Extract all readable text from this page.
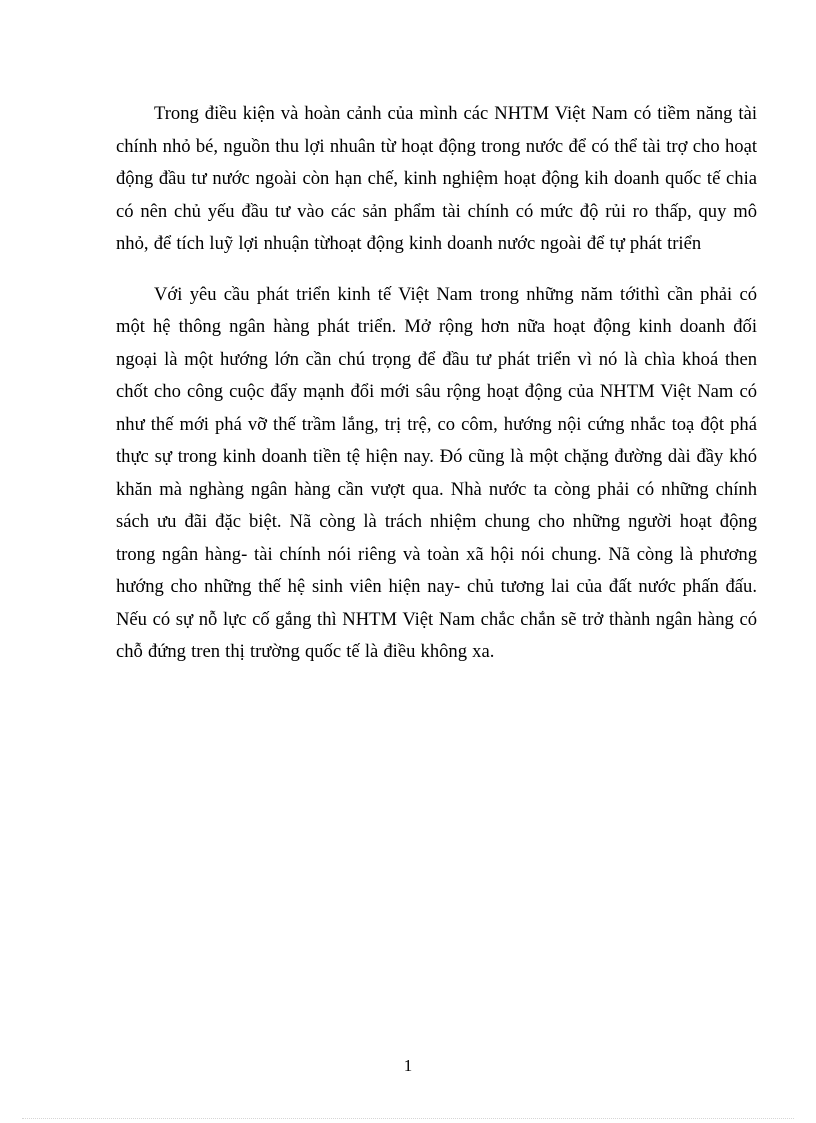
Trong điều kiện và hoàn cảnh của mình các NHTM Việt Nam có tiềm năng tài chính nhỏ bé, nguồn thu lợi nhuân từ hoạt động trong nước để có thể tài trợ cho hoạt động đầu tư nước ngoài còn hạn chế, kinh nghiệm hoạt động kih doanh quốc tế chia có nên chủ yếu đầu tư vào các sản phẩm tài chính có mức độ rủi ro thấp, quy mô nhỏ, để tích luỹ lợi nhuận từhoạt động kinh doanh nước ngoài để tự phát triển

Với yêu cầu phát triển kinh tế Việt Nam trong những năm tớithì cần phải có một hệ thông ngân hàng phát triển. Mở rộng hơn nữa hoạt động kinh doanh đối ngoại là một hướng lớn cần chú trọng để đầu tư phát triển vì nó là chìa khoá then chốt cho công cuộc đẩy mạnh đổi mới sâu rộng hoạt động của NHTM Việt Nam có như thế mới phá vỡ thế trầm lắng, trị trệ, co côm, hướng nội cứng nhắc toạ đột phá thực sự trong kinh doanh tiền tệ hiện nay. Đó cũng là một chặng đường dài đầy khó khăn mà nghàng ngân hàng cần vượt qua. Nhà nước ta còng phải có những chính sách ưu đãi đặc biệt. Nã còng là trách nhiệm chung cho những người hoạt động trong ngân hàng- tài chính nói riêng và toàn xã hội nói chung. Nã còng là phương hướng cho những thế hệ sinh viên hiện nay- chủ tương lai của đất nước phấn đấu. Nếu có sự nỗ lực cố gắng thì NHTM Việt Nam chắc chắn sẽ trở thành ngân hàng có chỗ đứng tren thị trường quốc tế là điều không xa.

1
